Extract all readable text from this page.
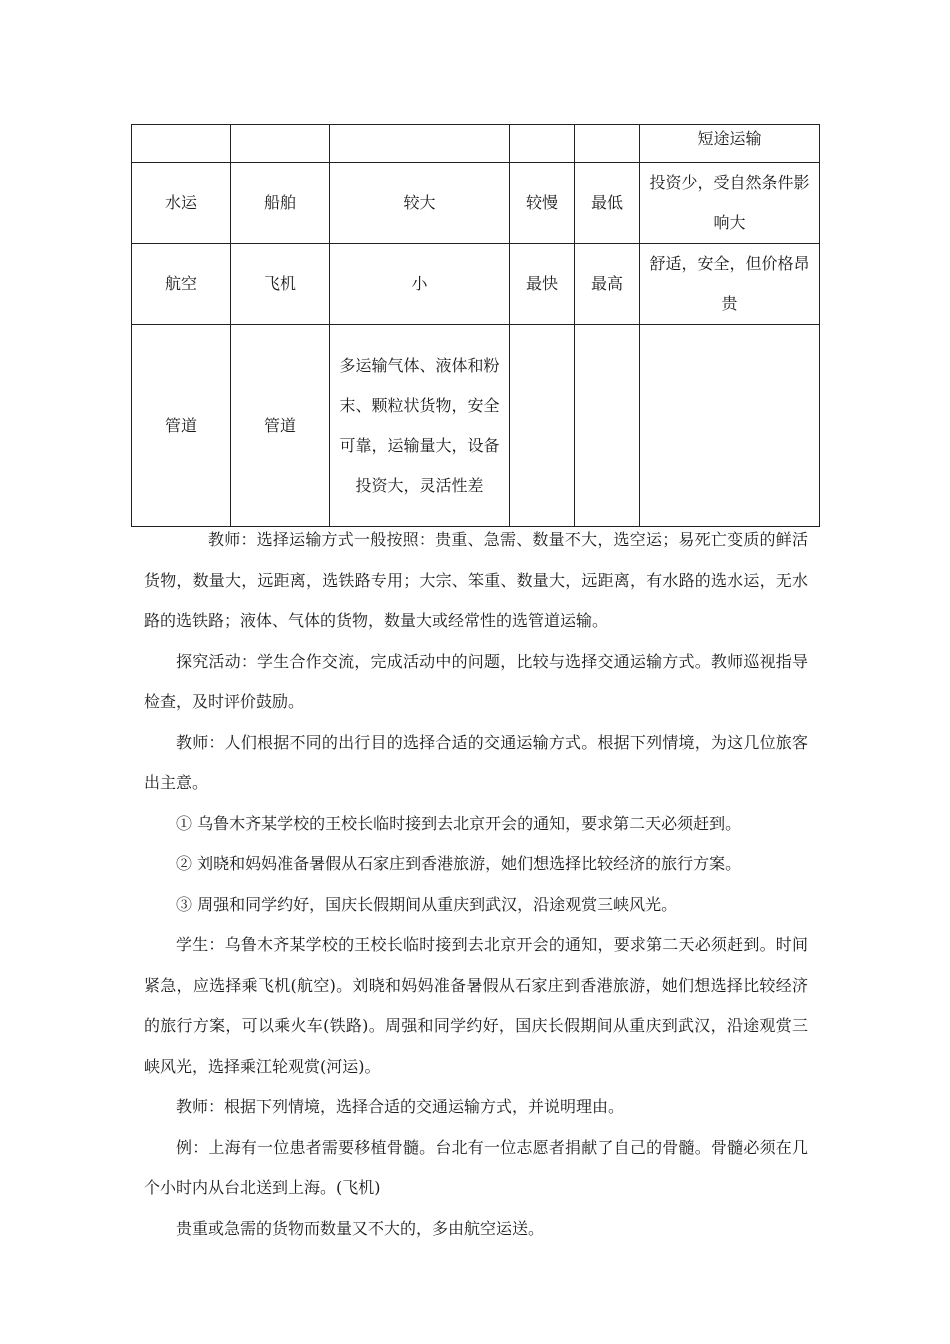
					短途运输
水运	船舶	较大	较慢	最低	投资少，受自然条件影响大
航空	飞机	小	最快	最高	舒适，安全，但价格昂贵
管道	管道	多运输气体、液体和粉末、颗粒状货物，安全可靠，运输量大，设备投资大，灵活性差			

教师：选择运输方式一般按照：贵重、急需、数量不大，选空运；易死亡变质的鲜活货物，数量大，远距离，选铁路专用；大宗、笨重、数量大，远距离，有水路的选水运，无水路的选铁路；液体、气体的货物，数量大或经常性的选管道运输。

探究活动：学生合作交流，完成活动中的问题，比较与选择交通运输方式。教师巡视指导检查，及时评价鼓励。

教师：人们根据不同的出行目的选择合适的交通运输方式。根据下列情境，为这几位旅客出主意。

① 乌鲁木齐某学校的王校长临时接到去北京开会的通知，要求第二天必须赶到。

② 刘晓和妈妈准备暑假从石家庄到香港旅游，她们想选择比较经济的旅行方案。

③ 周强和同学约好，国庆长假期间从重庆到武汉，沿途观赏三峡风光。

学生：乌鲁木齐某学校的王校长临时接到去北京开会的通知，要求第二天必须赶到。时间紧急，应选择乘飞机(航空)。刘晓和妈妈准备暑假从石家庄到香港旅游，她们想选择比较经济的旅行方案，可以乘火车(铁路)。周强和同学约好，国庆长假期间从重庆到武汉，沿途观赏三峡风光，选择乘江轮观赏(河运)。

教师：根据下列情境，选择合适的交通运输方式，并说明理由。

例：上海有一位患者需要移植骨髓。台北有一位志愿者捐献了自己的骨髓。骨髓必须在几个小时内从台北送到上海。(飞机)

贵重或急需的货物而数量又不大的，多由航空运送。
